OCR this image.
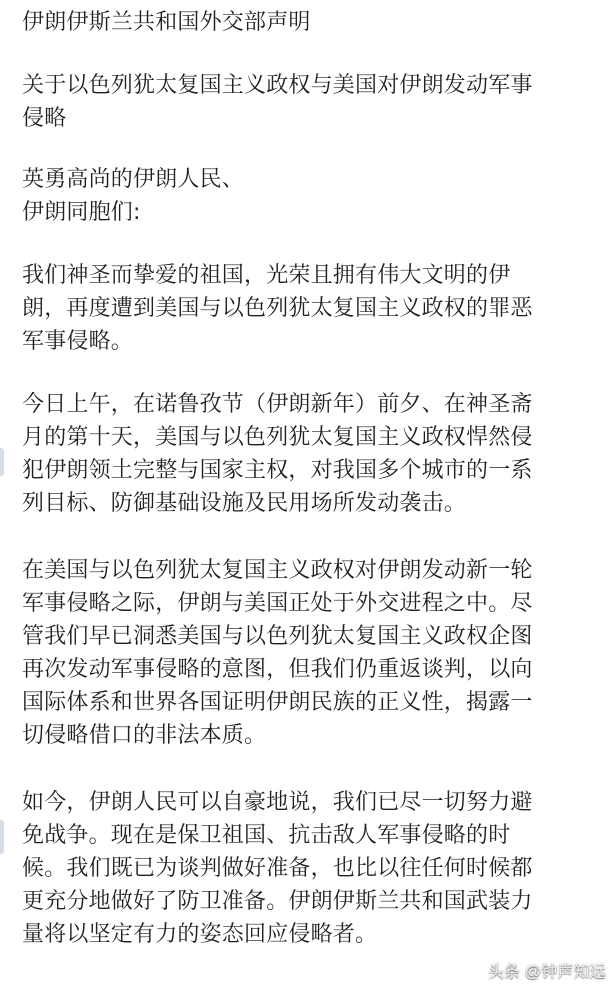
伊朗伊斯兰共和国外交部声明
关于以色列犹太复国主义政权与美国对伊朗发动军事
侵略
英勇高尚的伊朗人民、
伊朗同胞们:
我们神圣而挚爱的祖国，光荣且拥有伟大文明的伊
朗，再度遭到美国与以色列犹太复国主义政权的罪恶
军事侵略。
今日上午，在诺鲁孜节（伊朗新年）前夕、在神圣斋
月的第十天，美国与以色列犹太复国主义政权悍然侵
犯伊朗领土完整与国家主权，对我国多个城市的一系
列目标、防御基础设施及民用场所发动袭击。
在美国与以色列犹太复国主义政权对伊朗发动新一轮
军事侵略之际，伊朗与美国正处于外交进程之中。尽
管我们早已洞悉美国与以色列犹太复国主义政权企图
再次发动军事侵略的意图，但我们仍重返谈判，以向
国际体系和世界各国证明伊朗民族的正义性，揭露一
切侵略借口的非法本质。
如今，伊朗人民可以自豪地说，我们已尽一切努力避
免战争。现在是保卫祖国、抗击敌人军事侵略的时
候。我们既已为谈判做好准备，也比以往任何时候都
更充分地做好了防卫准备。伊朗伊斯兰共和国武装力
量将以坚定有力的姿态回应侵略者。
头条 @钟声知远
